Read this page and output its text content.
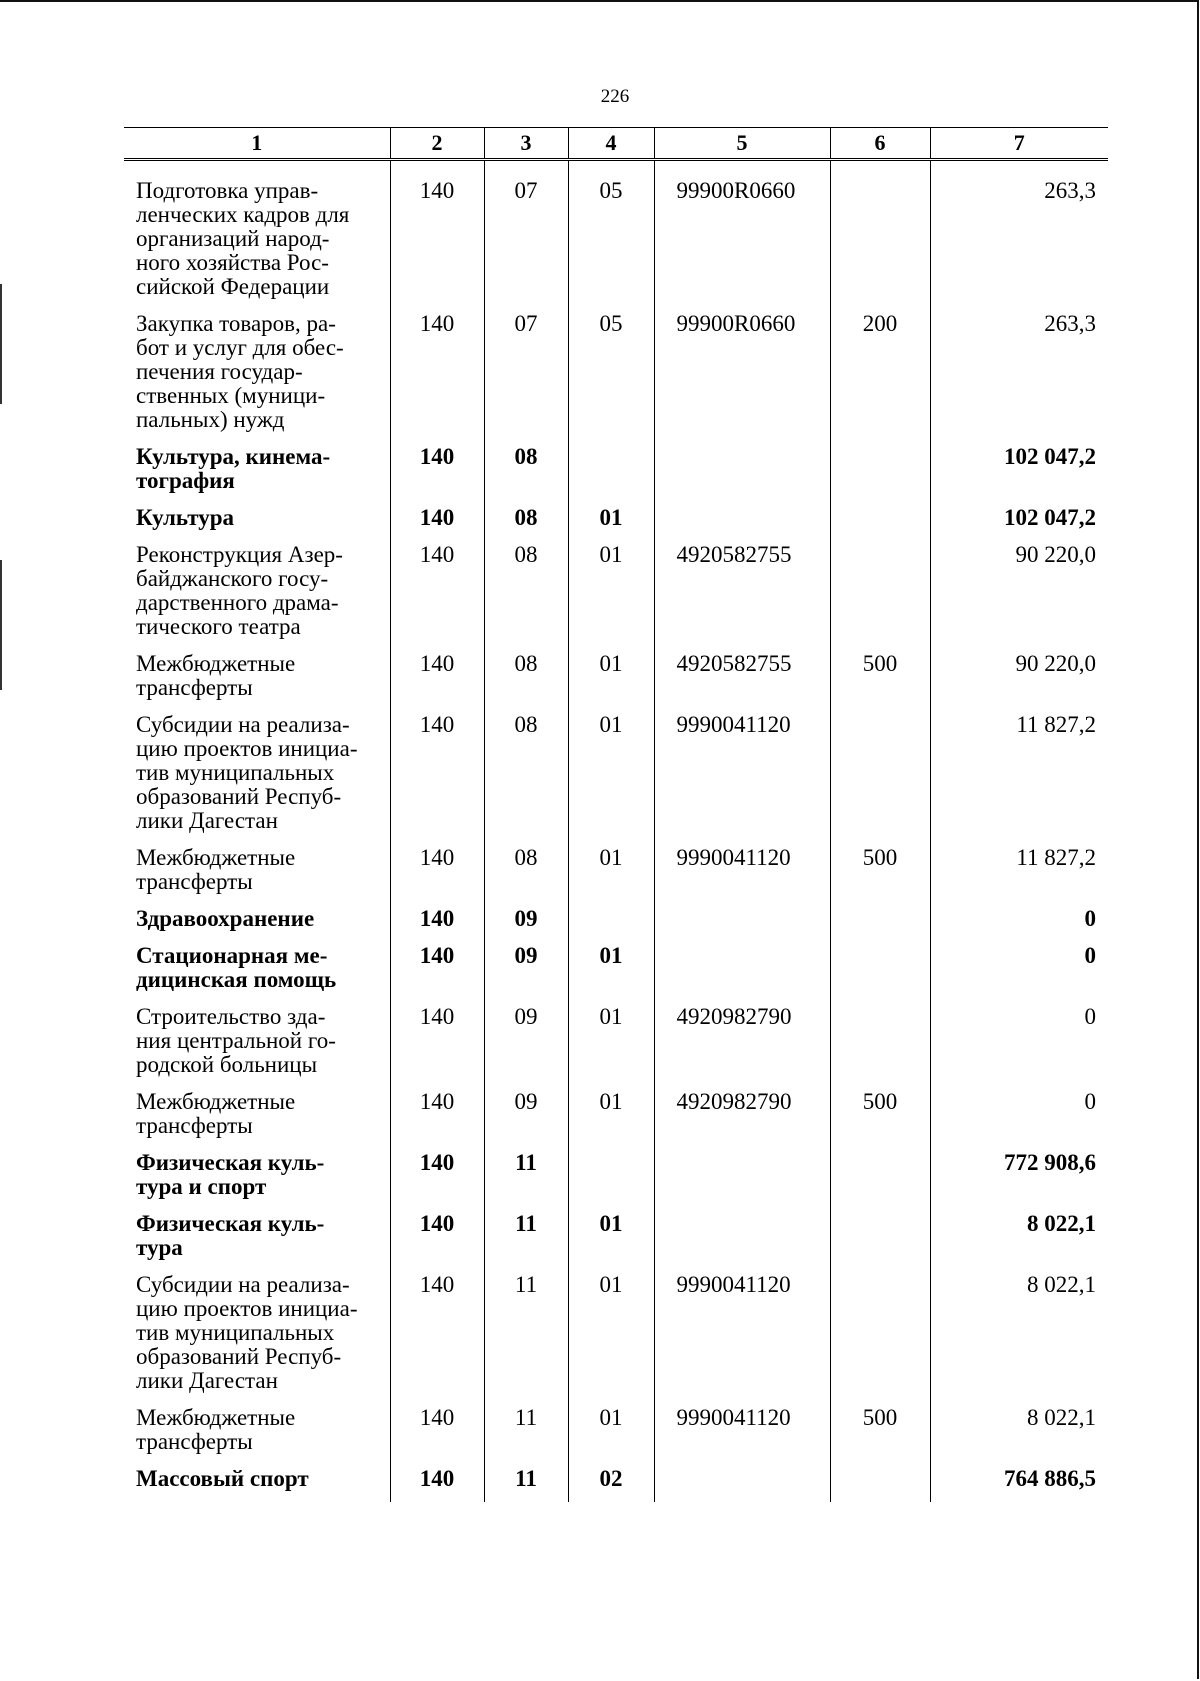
226
1	2	3	4	5	6	7

Подготовка управ-
ленческих кадров для
организаций народ-
ного хозяйства Рос-
сийской Федерации	140	07	05	99900R0660		263,3
Закупка товаров, ра-
бот и услуг для обес-
печения государ-
ственных (муници-
пальных) нужд	140	07	05	99900R0660	200	263,3
Культура, кинема-
тография	140	08				102 047,2
Культура	140	08	01			102 047,2
Реконструкция Азер-
байджанского госу-
дарственного драма-
тического театра	140	08	01	4920582755		90 220,0
Межбюджетные
трансферты	140	08	01	4920582755	500	90 220,0
Субсидии на реализа-
цию проектов инициа-
тив муниципальных
образований Респуб-
лики Дагестан	140	08	01	9990041120		11 827,2
Межбюджетные
трансферты	140	08	01	9990041120	500	11 827,2
Здравоохранение	140	09				0
Стационарная ме-
дицинская помощь	140	09	01			0
Строительство зда-
ния центральной го-
родской больницы	140	09	01	4920982790		0
Межбюджетные
трансферты	140	09	01	4920982790	500	0
Физическая куль-
тура и спорт	140	11				772 908,6
Физическая куль-
тура	140	11	01			8 022,1
Субсидии на реализа-
цию проектов инициа-
тив муниципальных
образований Респуб-
лики Дагестан	140	11	01	9990041120		8 022,1
Межбюджетные
трансферты	140	11	01	9990041120	500	8 022,1
Массовый спорт	140	11	02			764 886,5
